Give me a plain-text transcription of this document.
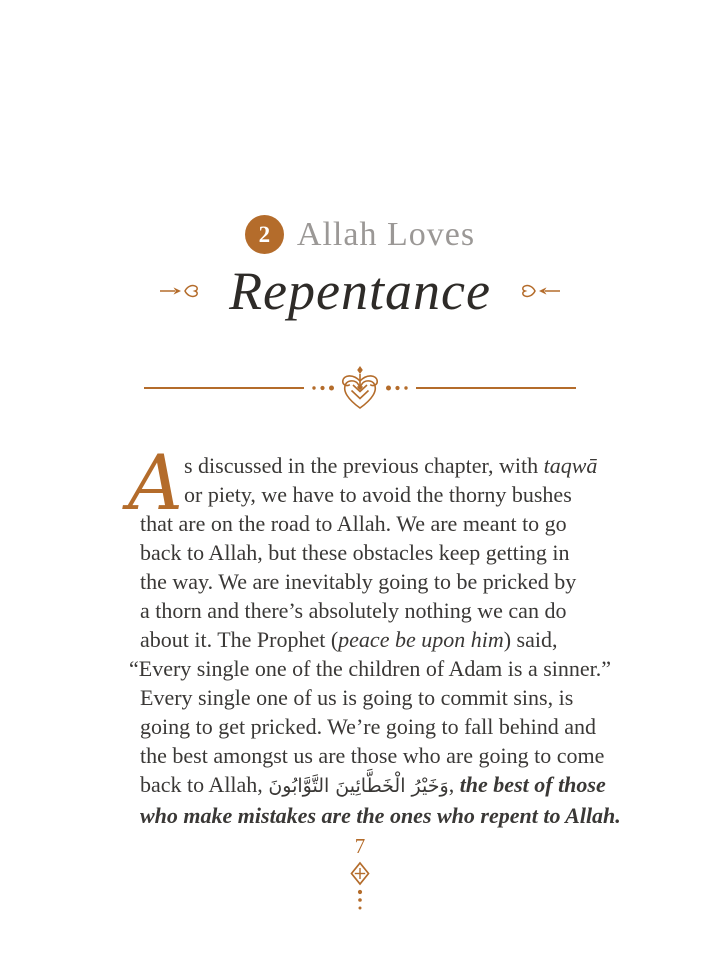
2 Allah Loves
Repentance
A s discussed in the previous chapter, with taqwā
or piety, we have to avoid the thorny bushes
that are on the road to Allah. We are meant to go
back to Allah, but these obstacles keep getting in
the way. We are inevitably going to be pricked by
a thorn and there’s absolutely nothing we can do
about it. The Prophet (peace be upon him) said,
“Every single one of the children of Adam is a sinner.”
Every single one of us is going to commit sins, is
going to get pricked. We’re going to fall behind and
the best amongst us are those who are going to come
back to Allah, وَخَيْرُ الْخَطَّائِينَ التَّوَّابُونَ, the best of those
who make mistakes are the ones who repent to Allah.
7
